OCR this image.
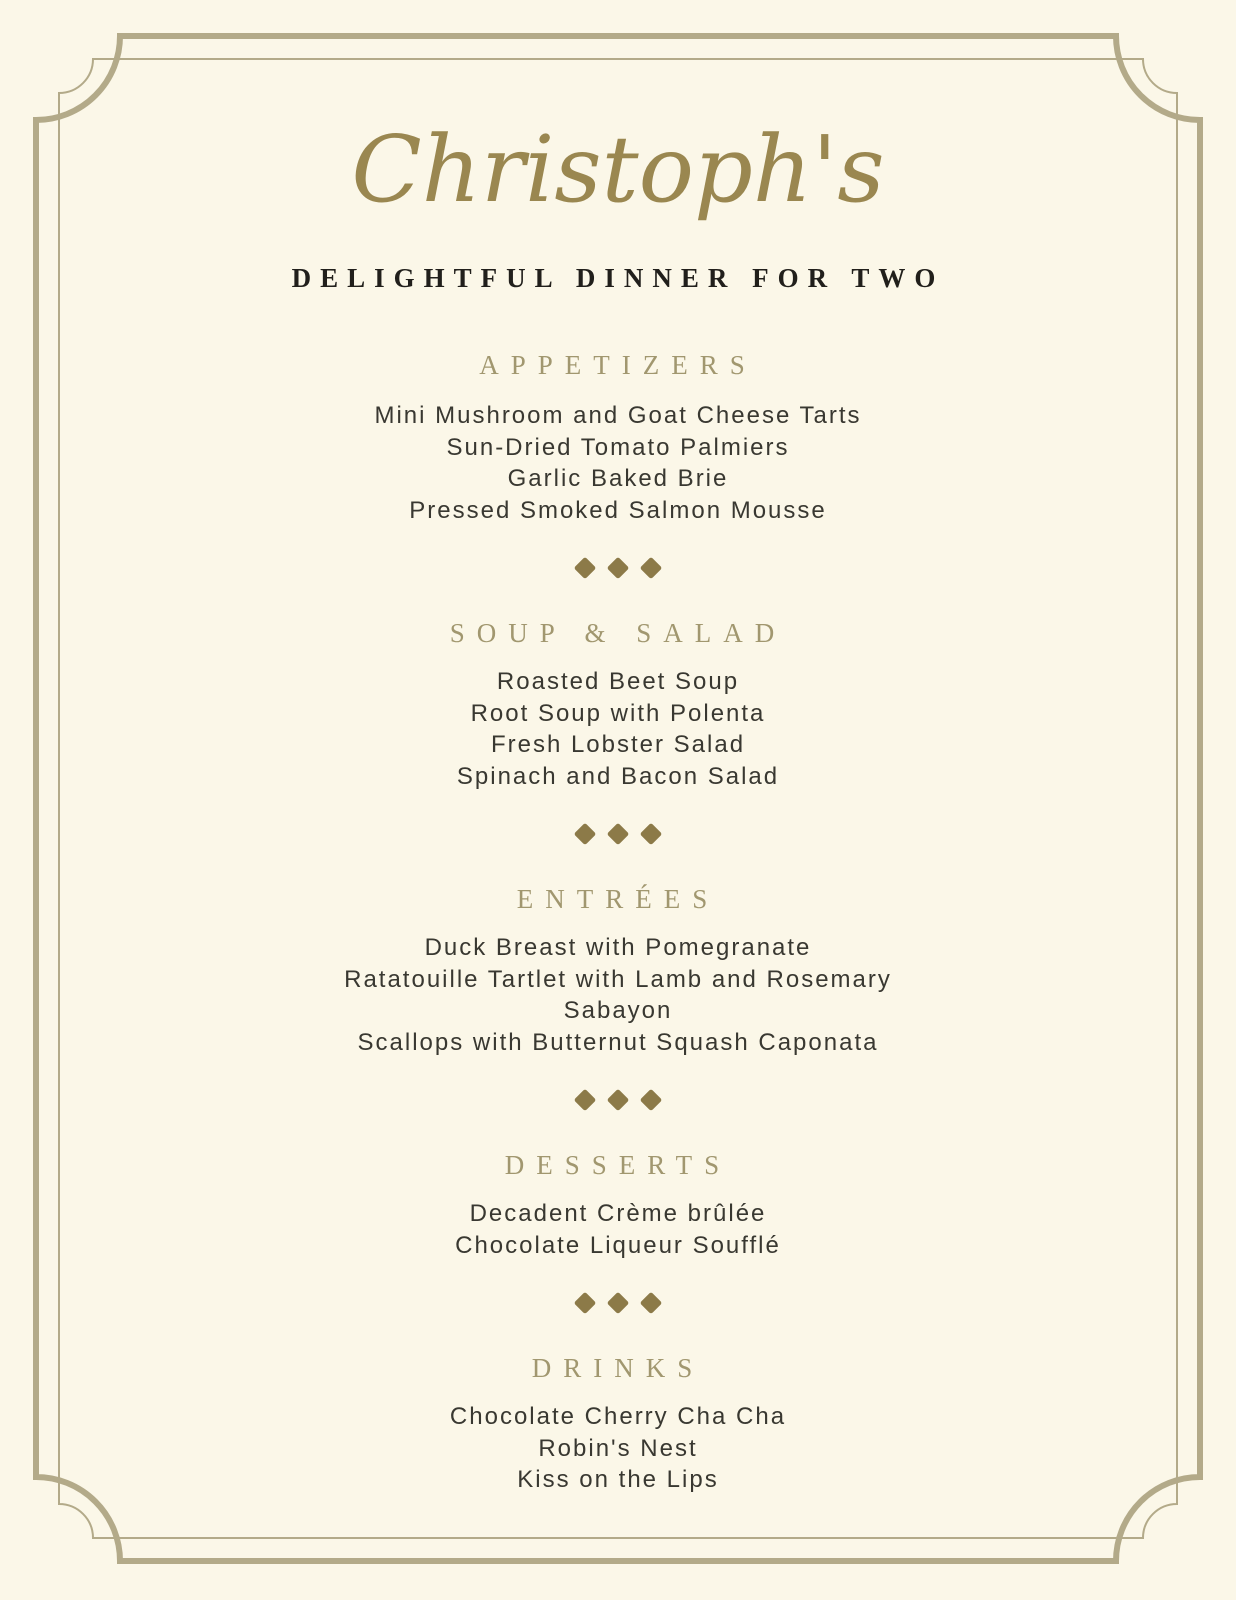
Christoph's
DELIGHTFUL DINNER FOR TWO
APPETIZERS
Mini Mushroom and Goat Cheese Tarts
Sun-Dried Tomato Palmiers
Garlic Baked Brie
Pressed Smoked Salmon Mousse
SOUP & SALAD
Roasted Beet Soup
Root Soup with Polenta
Fresh Lobster Salad
Spinach and Bacon Salad
ENTRÉES
Duck Breast with Pomegranate
Ratatouille Tartlet with Lamb and Rosemary Sabayon
Scallops with Butternut Squash Caponata
DESSERTS
Decadent Crème brûlée
Chocolate Liqueur Soufflé
DRINKS
Chocolate Cherry Cha Cha
Robin's Nest
Kiss on the Lips
